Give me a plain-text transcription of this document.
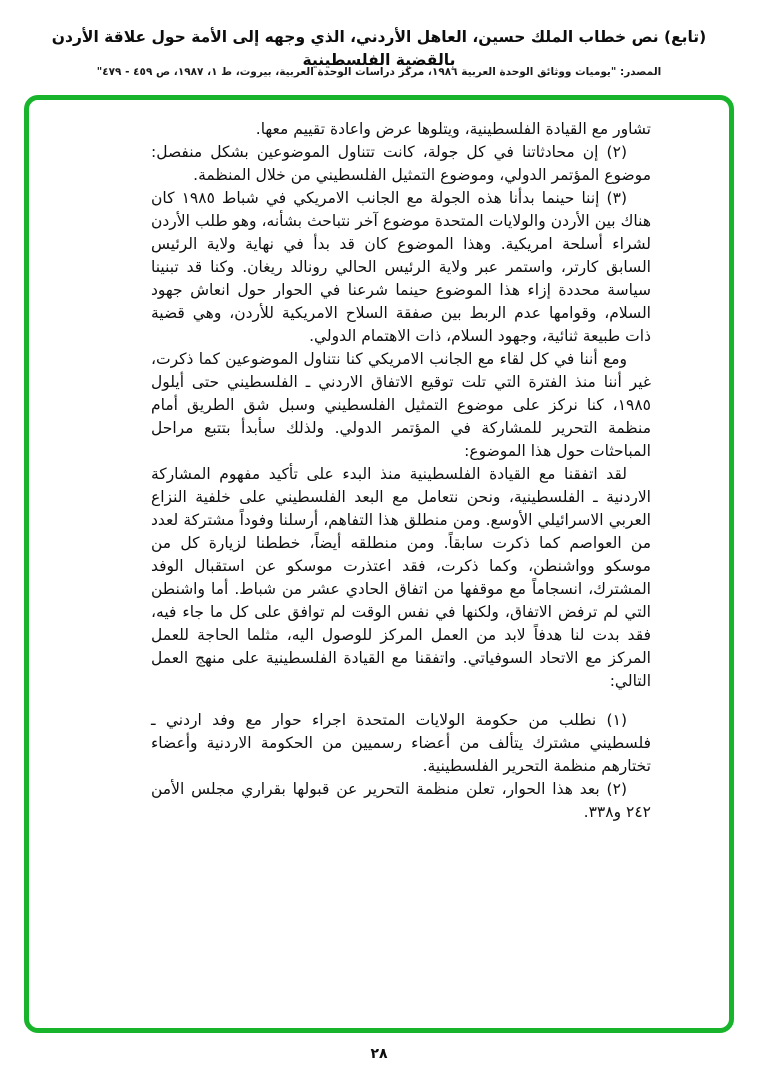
(تابع) نص خطاب الملك حسين، العاهل الأردني، الذي وجهه إلى الأمة حول علاقة الأردن بالقضية الفلسطينية
المصدر: "يوميات ووثائق الوحدة العربية ١٩٨٦، مركز دراسات الوحدة العربية، بيروت، ط ١، ١٩٨٧، ص ٤٥٩ - ٤٧٩"

تشاور مع القيادة الفلسطينية، ويتلوها عرض واعادة تقييم معها.

(٢) إن محادثاتنا في كل جولة، كانت تتناول الموضوعين بشكل منفصل: موضوع المؤتمر الدولي، وموضوع التمثيل الفلسطيني من خلال المنظمة.

(٣) إننا حينما بدأنا هذه الجولة مع الجانب الامريكي في شباط ١٩٨٥ كان هناك بين الأردن والولايات المتحدة موضوع آخر نتباحث بشأنه، وهو طلب الأردن لشراء أسلحة امريكية. وهذا الموضوع كان قد بدأ في نهاية ولاية الرئيس السابق كارتر، واستمر عبر ولاية الرئيس الحالي رونالد ريغان. وكنا قد تبنينا سياسة محددة إزاء هذا الموضوع حينما شرعنا في الحوار حول انعاش جهود السلام، وقوامها عدم الربط بين صفقة السلاح الامريكية للأردن، وهي قضية ذات طبيعة ثنائية، وجهود السلام، ذات الاهتمام الدولي.

ومع أننا في كل لقاء مع الجانب الامريكي كنا نتناول الموضوعين كما ذكرت، غير أننا منذ الفترة التي تلت توقيع الاتفاق الاردني ـ الفلسطيني حتى أيلول ١٩٨٥، كنا نركز على موضوع التمثيل الفلسطيني وسبل شق الطريق أمام منظمة التحرير للمشاركة في المؤتمر الدولي. ولذلك سأبدأ بتتبع مراحل المباحثات حول هذا الموضوع:

لقد اتفقنا مع القيادة الفلسطينية منذ البدء على تأكيد مفهوم المشاركة الاردنية ـ الفلسطينية، ونحن نتعامل مع البعد الفلسطيني على خلفية النزاع العربي الاسرائيلي الأوسع. ومن منطلق هذا التفاهم، أرسلنا وفوداً مشتركة لعدد من العواصم كما ذكرت سابقاً. ومن منطلقه أيضاً، خططنا لزيارة كل من موسكو وواشنطن، وكما ذكرت، فقد اعتذرت موسكو عن استقبال الوفد المشترك، انسجاماً مع موقفها من اتفاق الحادي عشر من شباط. أما واشنطن التي لم ترفض الاتفاق، ولكنها في نفس الوقت لم توافق على كل ما جاء فيه، فقد بدت لنا هدفاً لابد من العمل المركز للوصول اليه، مثلما الحاجة للعمل المركز مع الاتحاد السوفياتي. واتفقنا مع القيادة الفلسطينية على منهج العمل التالي:

(١) نطلب من حكومة الولايات المتحدة اجراء حوار مع وفد اردني ـ فلسطيني مشترك يتألف من أعضاء رسميين من الحكومة الاردنية وأعضاء تختارهم منظمة التحرير الفلسطينية.

(٢) بعد هذا الحوار، تعلن منظمة التحرير عن قبولها بقراري مجلس الأمن ٢٤٢ و٣٣٨.

٢٨
